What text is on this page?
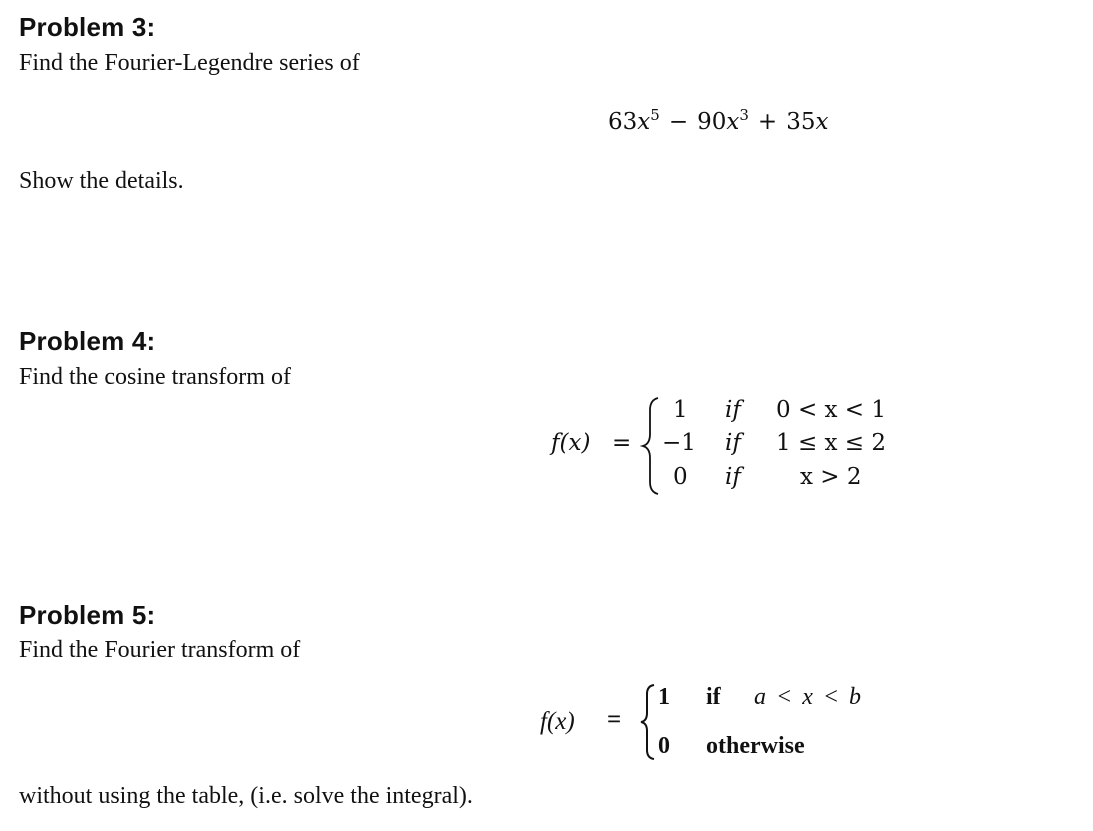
Problem 3:
Find the Fourier-Legendre series of
$63x^5 - 90x^3 + 35x$
Show the details.
Problem 4:
Find the cosine transform of
f(x) =
1 if 0 < x < 1
−1 if 1 ≤ x ≤ 2
0 if	x > 2
Problem 5:
Find the Fourier transform of
f(x) =
1 if a < x < b
0 otherwise
without using the table, (i.e. solve the integral).
